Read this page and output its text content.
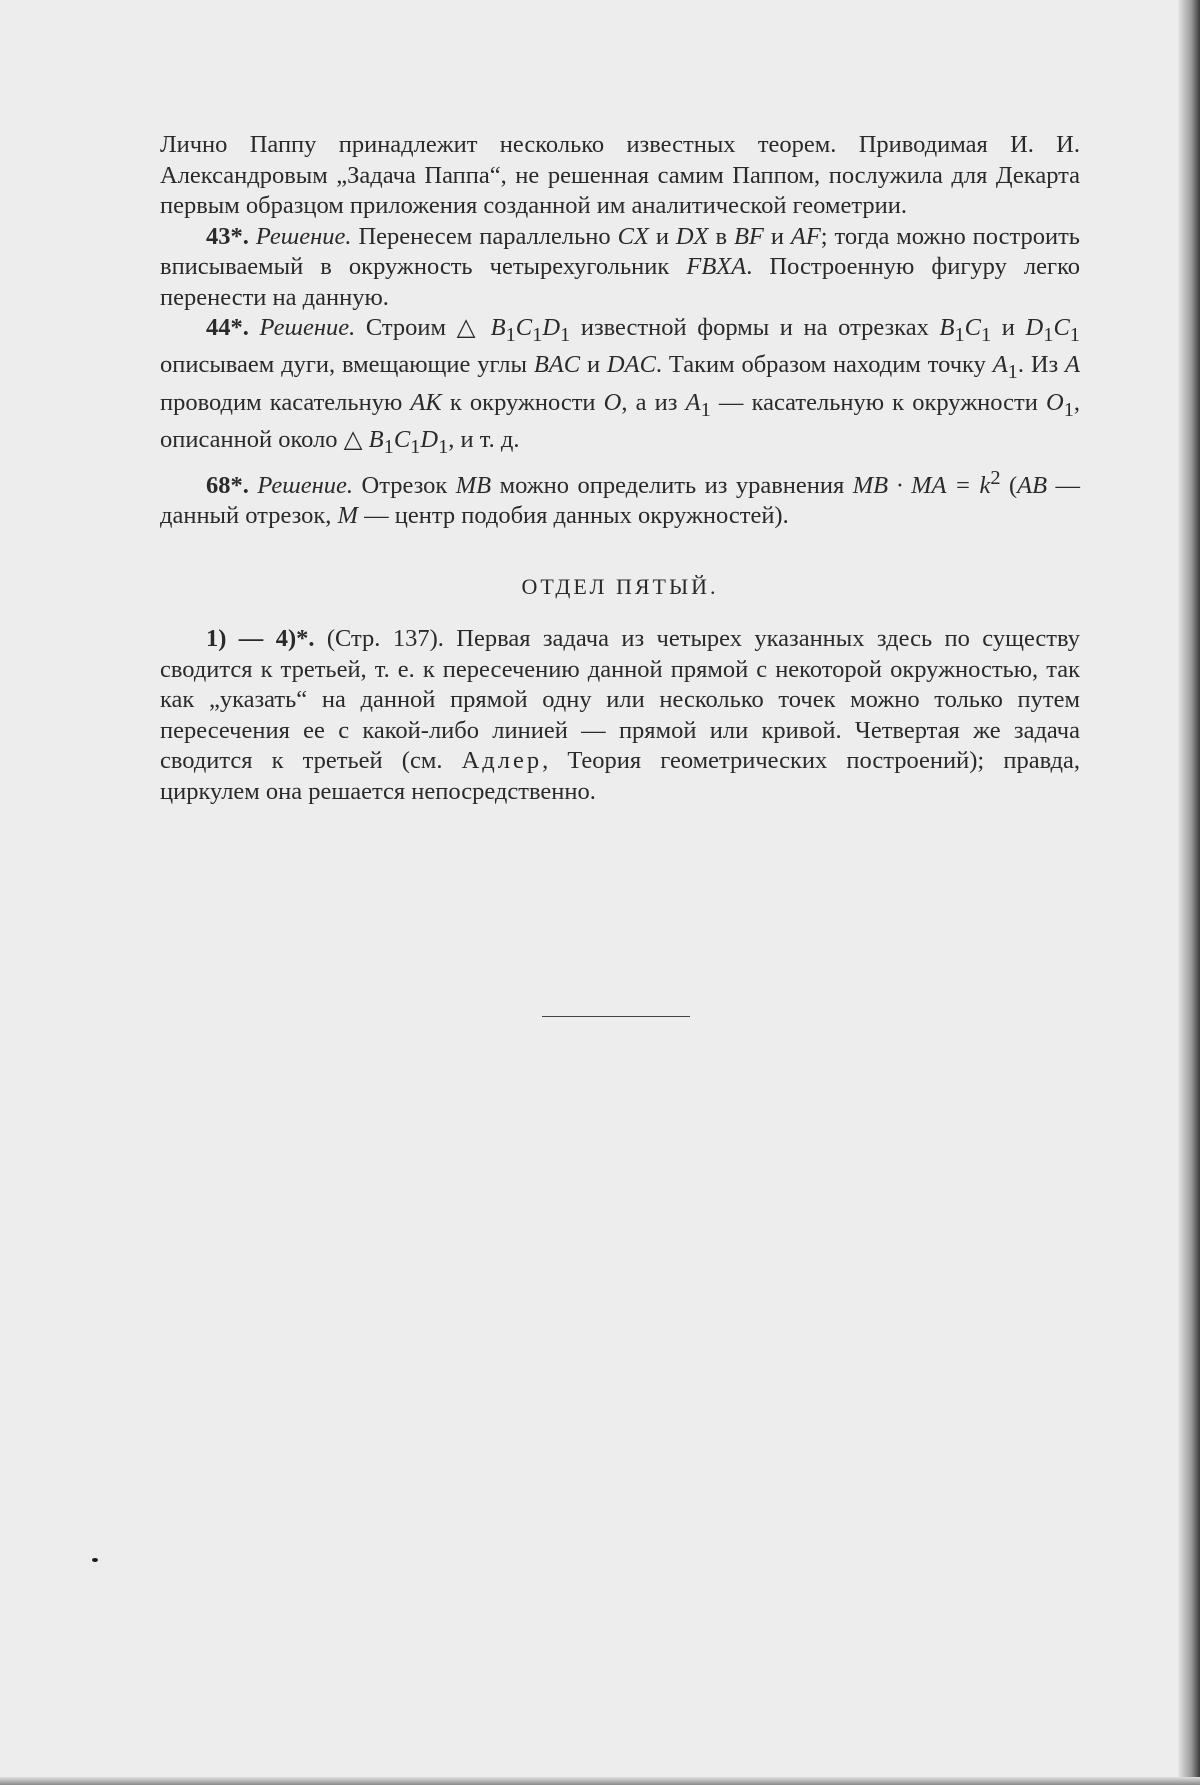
Лично Паппу принадлежит несколько известных теорем. Приводимая И. И. Александровым „Задача Паппа“, не решенная самим Паппом, послужила для Декарта первым образцом приложения созданной им аналитической геометрии.

43*. Решение. Перенесем параллельно CX и DX в BF и AF; тогда можно построить вписываемый в окружность четырехугольник FBXA. Построенную фигуру легко перенести на данную.

44*. Решение. Строим △ $B_1C_1D_1$ известной формы и на отрезках $B_1C_1$ и $D_1C_1$ описываем дуги, вмещающие углы BAC и DAC. Таким образом находим точку $A_1$. Из A проводим касательную AK к окружности O, а из $A_1$ — касательную к окружности $O_1$, описанной около △ $B_1C_1D_1$, и т. д.

68*. Решение. Отрезок MB можно определить из уравнения MB · MA = $k^2$ (AB — данный отрезок, M — центр подобия данных окружностей).

ОТДЕЛ ПЯТЫЙ.

1) — 4)*. (Стр. 137). Первая задача из четырех указанных здесь по существу сводится к третьей, т. е. к пересечению данной прямой с некоторой окружностью, так как „указать“ на данной прямой одну или несколько точек можно только путем пересечения ее с какой-либо линией — прямой или кривой. Четвертая же задача сводится к третьей (см. Адлер, Теория геометрических построений); правда, циркулем она решается непосредственно.
